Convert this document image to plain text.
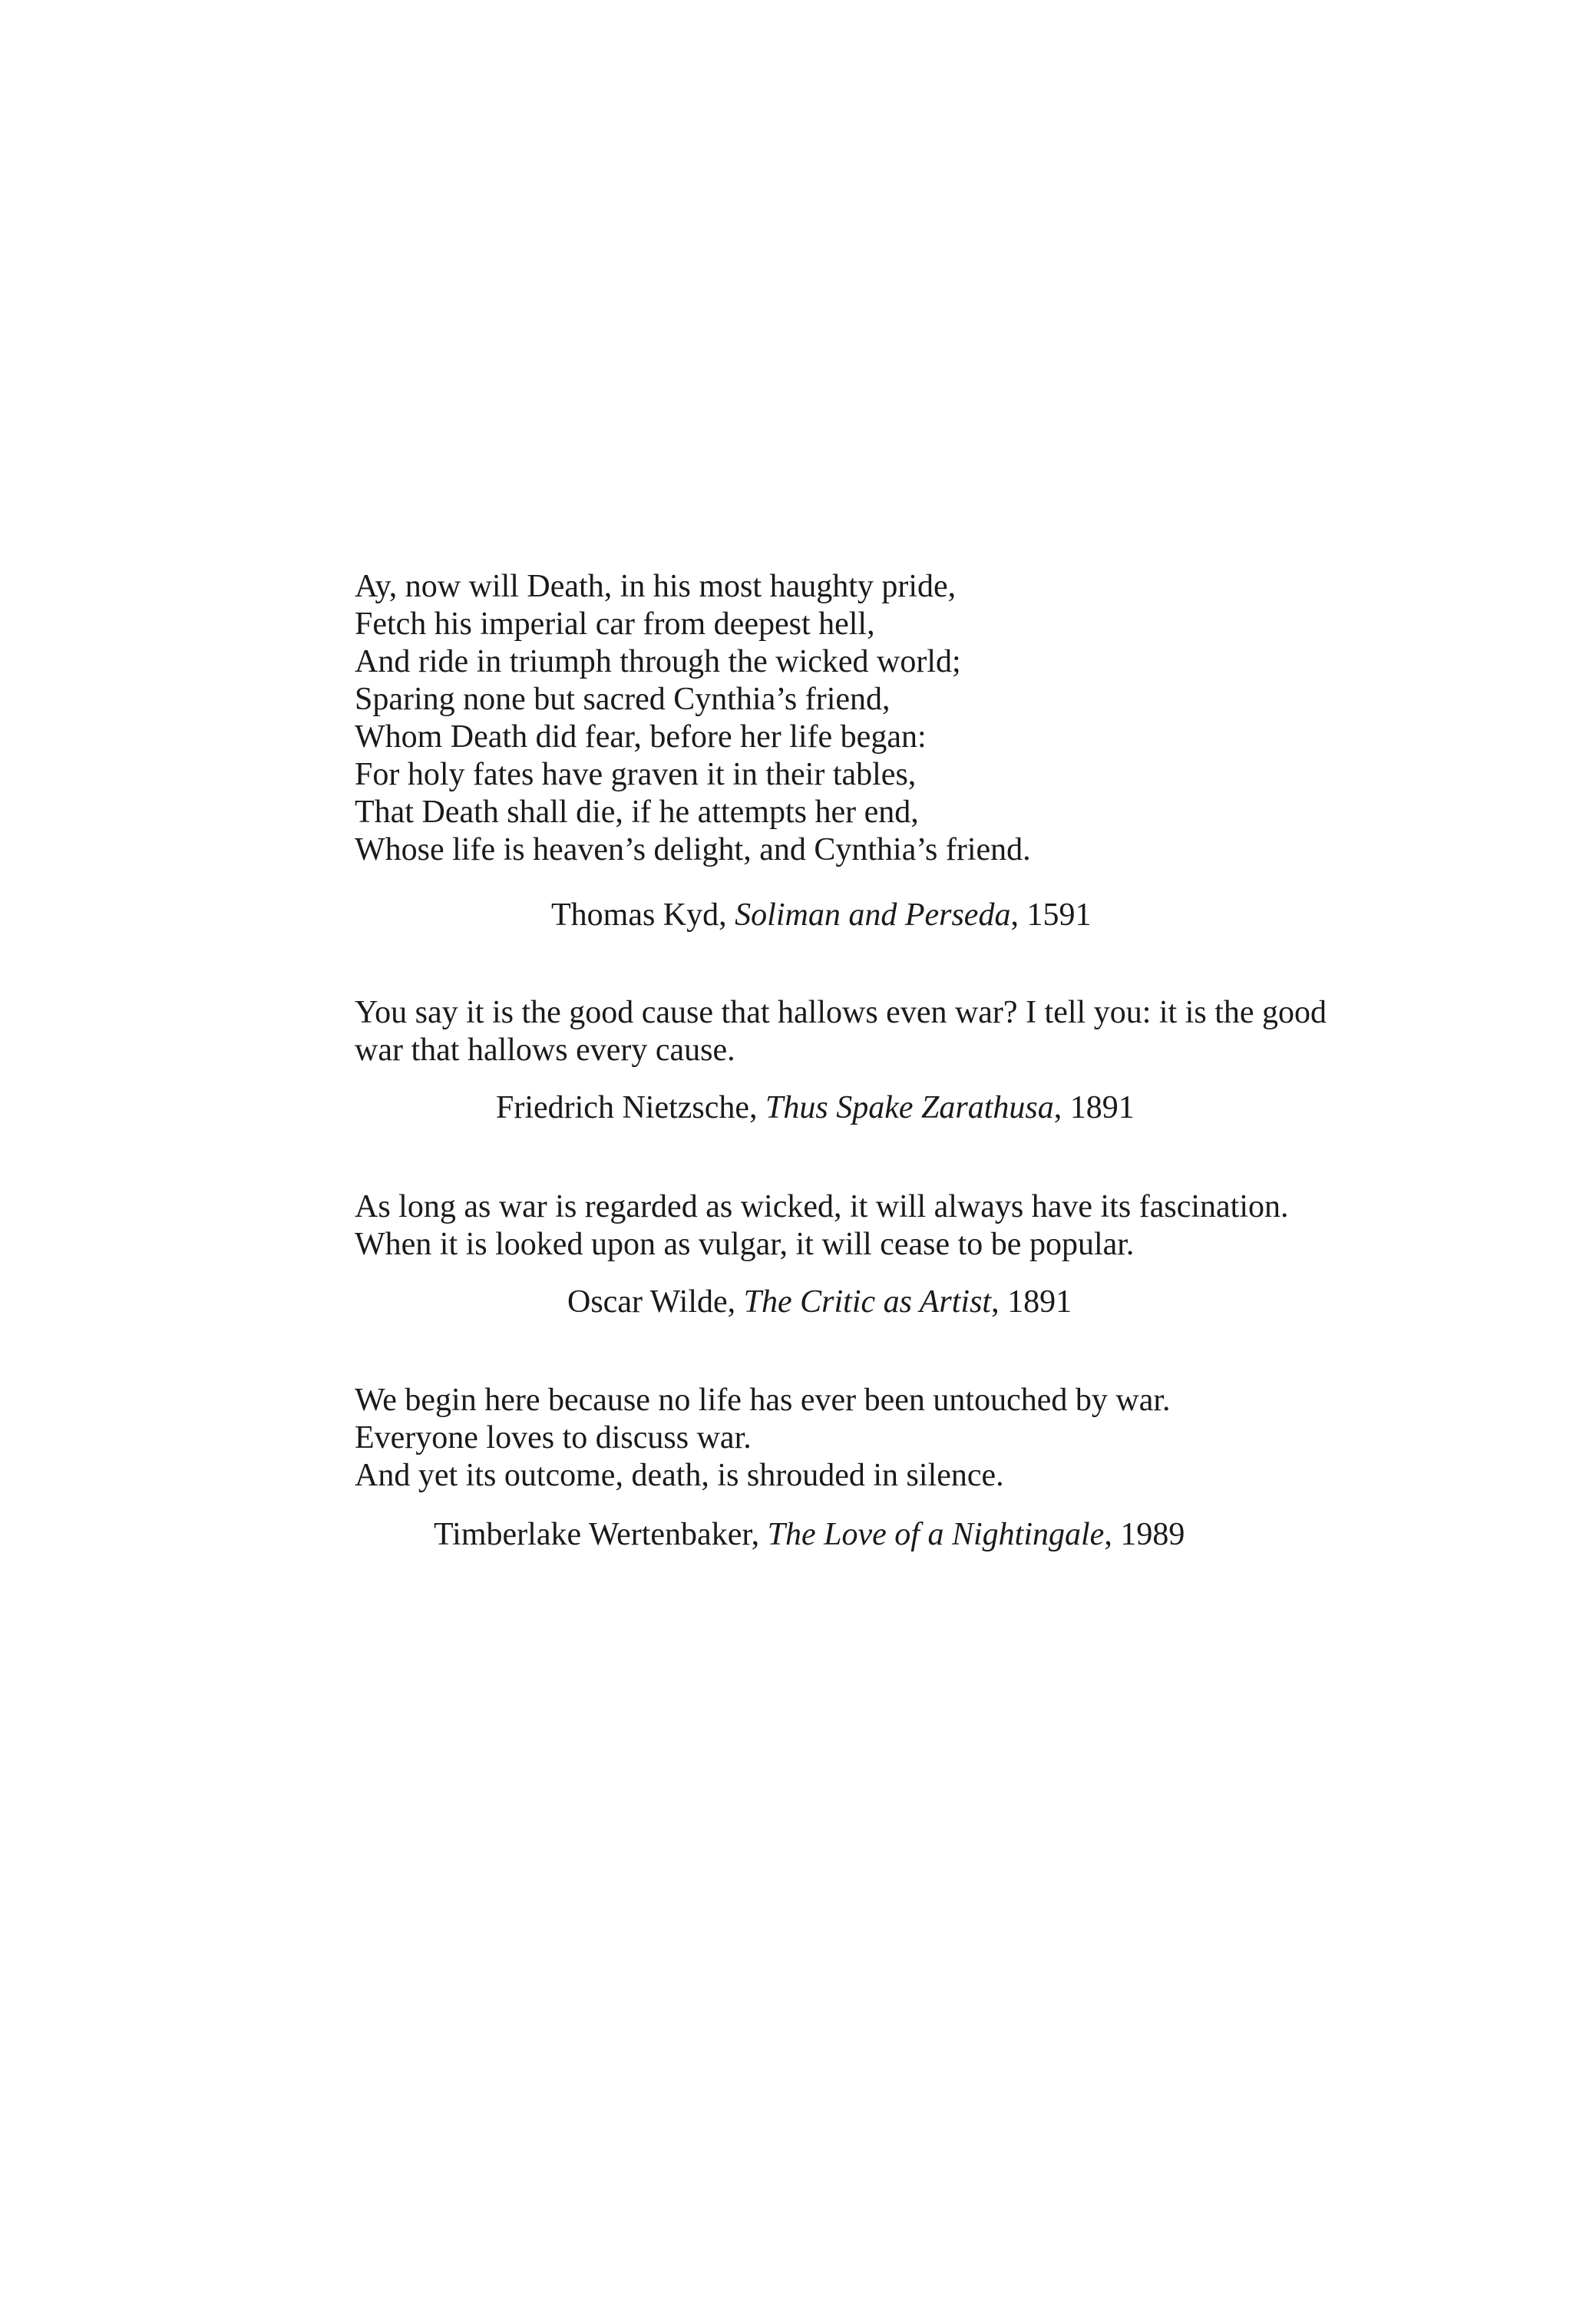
Ay, now will Death, in his most haughty pride,

Fetch his imperial car from deepest hell,

And ride in triumph through the wicked world;

Sparing none but sacred Cynthia’s friend,

Whom Death did fear, before her life began:

For holy fates have graven it in their tables,

That Death shall die, if he attempts her end,

Whose life is heaven’s delight, and Cynthia’s friend.

Thomas Kyd, Soliman and Perseda, 1591

You say it is the good cause that hallows even war? I tell you: it is the good

war that hallows every cause.

Friedrich Nietzsche, Thus Spake Zarathusa, 1891

As long as war is regarded as wicked, it will always have its fascination.

When it is looked upon as vulgar, it will cease to be popular.

Oscar Wilde, The Critic as Artist, 1891

We begin here because no life has ever been untouched by war.

Everyone loves to discuss war.

And yet its outcome, death, is shrouded in silence.

Timberlake Wertenbaker, The Love of a Nightingale, 1989
